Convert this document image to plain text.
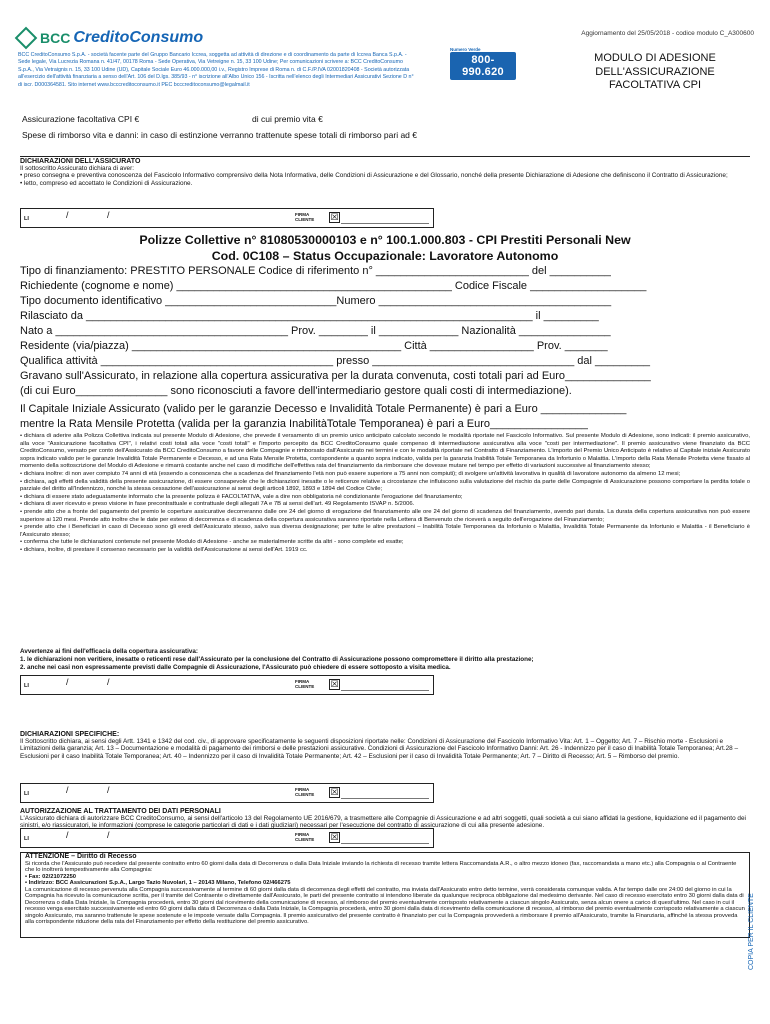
BCC CreditoConsumo
BCC CreditoConsumo S.p.A. - società facente parte del Gruppo Bancario Iccrea, soggetta ad attività di direzione e di coordinamento da parte di Iccrea Banca S.p.A. - Sede legale, Via Lucrezia Romana n. 41/47, 00178 Roma - Sede Operativa, Via Vetreigne n. 15, 33 100 Udine; Per comunicazioni scrivere a: BCC CreditoConsumo S.p.A., Via Vetraignis n. 15, 33 100 Udine (UD), Capitale Sociale Euro 46.000.000,00 i.v., Registro Imprese di Roma n. di C.F./P.IVA 02001820408 - Società autorizzata all'esercizio dell'attività finanziaria a senso dell'Art. 106 del D.lgs. 385/93 - n° iscrizione all'Albo Unico 156 - Iscritta nell'elenco degli Intermediari Assicurativi Sezione D n° di iscr. D000364581. Sito internet www.bcccreditoconsumo.it PEC bcccreditoconsumo@legalmail.it
Aggiornamento del 25/05/2018 - codice modulo C_A300600
Numero Verde
800-990.620
MODULO DI ADESIONE
DELL'ASSICURAZIONE
FACOLTATIVA CPI
Assicurazione facoltativa CPI €	di cui premio vita €
Spese di rimborso vita e danni: in caso di estinzione verranno trattenute spese totali di rimborso pari ad €
DICHIARAZIONI DELL'ASSICURATO
Il sottoscritto Assicurato dichiara di aver:
• preso consegna e preventiva conoscenza del Fascicolo Informativo comprensivo della Nota Informativa, delle Condizioni di Assicurazione e del Glossario, nonché della presente Dichiarazione di Adesione che definiscono il Contratto di Assicurazione;
• letto, compreso ed accettato le Condizioni di Assicurazione.
LI	/ /	FIRMA
CLIENTE ☒
Polizze Collettive n° 81080530000103 e n° 100.1.000.803 - CPI Prestiti Personali New
Cod. 0C108 – Status Occupazionale: Lavoratore Autonomo
Tipo di finanziamento: PRESTITO PERSONALE Codice di riferimento n° _________________________ del __________
Richiedente (cognome e nome) _____________________________________________ Codice Fiscale ___________________
Tipo documento identificativo ____________________________Numero ______________________________________
Rilasciato da _________________________________________________________________________ il _________
Nato a ______________________________________ Prov. ________ il _____________ Nazionalità _______________
Residente (via/piazza) ____________________________________________ Città _________________ Prov. _______
Qualifica attività ______________________________________ presso _________________________________ dal _________
Gravano sull'Assicurato, in relazione alla copertura assicurativa per la durata convenuta, costi totali pari ad Euro______________
(di cui Euro_______________ sono riconosciuti a favore dell'intermediario gestore quali costi di intermediazione).
Il Capitale Iniziale Assicurato (valido per le garanzie Decesso e Invalidità Totale Permanente) è pari a Euro ______________
mentre la Rata Mensile Protetta (valida per la garanzia InabilitàTotale Temporanea) è pari a Euro________________

• dichiara di aderire alla Polizza Collettiva indicata sul presente Modulo di Adesione, che prevede il versamento di un premio unico anticipato calcolato secondo le modalità riportate nel Fascicolo Informativo. Sul presente Modulo di Adesione, sono indicati: il premio assicurativo, alla voce "Assicurazione facoltativa CPI", i relativi costi totali alla voce "costi totali" e l'importo percepito da BCC CreditoConsumo quale compenso di intermediazione assicurativa alla voce "costi per intermediazione". Il premio assicurativo viene finanziato da BCC CreditoConsumo, versato per conto dell'Assicurato da BCC CreditoConsumo a favore delle Compagnie e rimborsato dall'Assicurato nei termini e con le modalità riportate nel Contratto di Finanziamento. L'importo del Premio Unico Anticipato è relativo al Capitale iniziale Assicurato sopra indicato valido per le garanzie Invalidità Totale Permanente e Decesso, e ad una Rata Mensile Protetta, corrispondente a quanto sopra indicato, valida per la garanzia Inabilità Totale Temporanea da Infortunio o Malattia. L'importo della Rata Mensile Protetta viene fissato al momento della sottoscrizione del Modulo di Adesione e rimarrà costante anche nel caso di modifiche dell'effettiva rata del finanziamento da rimborsare che dovesse mutare nel tempo per effetto di variazioni successive al finanziamento stesso;

• dichiara inoltre: di non aver compiuto 74 anni di età (essendo a conoscenza che a scadenza del finanziamento l'età non può essere superiore a 75 anni non compiuti); di svolgere un'attività lavorativa in qualità di lavoratore autonomo da almeno 12 mesi;

• dichiara, agli effetti della validità della presente assicurazione, di essere consapevole che le dichiarazioni inesatte o le reticenze relative a circostanze che influiscono sulla valutazione del rischio da parte delle Compagnie di Assicurazione possono comportare la perdita totale o parziale del diritto all'Indennizzo, nonché la stessa cessazione dell'assicurazione ai sensi degli articoli 1892, 1893 e 1894 del Codice Civile;

• dichiara di essere stato adeguatamente informato che la presente polizza è FACOLTATIVA, vale a dire non obbligatoria né condizionante l'erogazione del finanziamento;

• dichiara di aver ricevuto e preso visione in fase precontrattuale e contrattuale degli allegati 7A e 7B ai sensi dell'art. 49 Regolamento ISVAP n. 5/2006.

• prende atto che a fronte del pagamento del premio le coperture assicurative decorreranno dalle ore 24 del giorno di erogazione del finanziamento alle ore 24 del giorno di scadenza del finanziamento, avendo pari durata. La durata della copertura assicurativa non può essere superiore ai 120 mesi. Prende atto inoltre che le date per esteso di decorrenza e di scadenza della copertura assicurativa saranno riportate nella Lettera di Benvenuto che riceverà a seguito dell'erogazione del Finanziamento;

• prende atto che i Beneficiari in caso di Decesso sono gli eredi dell'Assicurato stesso, salvo sua diversa designazione; per tutte le altre prestazioni – Inabilità Totale Temporanea da Infortunio o Malattia, Invalidità Totale Permanente da Infortunio e Malattia - il Beneficiario è l'Assicurato stesso;

• conferma che tutte le dichiarazioni contenute nel presente Modulo di Adesione - anche se materialmente scritte da altri - sono complete ed esatte;

• dichiara, inoltre, di prestare il consenso necessario per la validità dell'Assicurazione ai sensi dell'Art. 1919 cc.

Avvertenze ai fini dell'efficacia della copertura assicurativa:
1. le dichiarazioni non veritiere, inesatte o reticenti rese dall'Assicurato per la conclusione del Contratto di Assicurazione possono compromettere il diritto alla prestazione;
2. anche nei casi non espressamente previsti dalle Compagnie di Assicurazione, l'Assicurato può chiedere di essere sottoposto a visita medica.
LI	/ /	FIRMA
CLIENTE ☒
DICHIARAZIONI SPECIFICHE:
Il Sottoscritto dichiara, ai sensi degli Artt. 1341 e 1342 del cod. civ., di approvare specificatamente le seguenti disposizioni riportate nelle: Condizioni di Assicurazione del Fascicolo Informativo Vita: Art. 1 – Oggetto; Art. 7 – Rischio morte - Esclusioni e Limitazioni della garanzia; Art. 13 – Documentazione e modalità di pagamento dei rimborsi e delle prestazioni assicurative. Condizioni di Assicurazione del Fascicolo Informativo Danni: Art. 26 - Indennizzo per il caso di Inabilità Totale Temporanea; Art.28 – Esclusioni per il caso Inabilità Totale Temporanea; Art. 40 – Indennizzo per il caso di Invalidità Totale Permanente; Art. 42 – Esclusioni per il caso di Invalidità Totale Permanente; Art. 7 – Diritto di Recesso; Art. 5 – Rimborso del premio.
LI	/ /	FIRMA
CLIENTE ☒
AUTORIZZAZIONE AL TRATTAMENTO DEI DATI PERSONALI
L'Assicurato dichiara di autorizzare BCC CreditoConsumo, ai sensi dell'articolo 13 del Regolamento UE 2016/679, a trasmettere alle Compagnie di Assicurazione e ad altri soggetti, quali società a cui siano affidati la gestione, liquidazione ed il pagamento dei sinistri, e/o riassicuratori, le informazioni (comprese le categorie particolari di dati e i dati giudiziari) necessari per l'esecuzione del contratto di assicurazione di cui alla presente adesione.
LI	/ /	FIRMA
CLIENTE ☒
ATTENZIONE – Diritto di Recesso
Si ricorda che l'Assicurato può recedere dal presente contratto entro 60 giorni dalla data di Decorrenza o dalla Data Iniziale inviando la richiesta di recesso tramite lettera Raccomandata A.R., o altro mezzo idoneo (fax, raccomandata a mano etc.) alla Compagnia o al Contraente che lo inoltrerà tempestivamente alla Compagnia:
• Fax: 02/21072250
• Indirizzo: BCC Assicurazioni S.p.A., Largo Tazio Nuvolari, 1 – 20143 Milano, Telefono 02/466275
La comunicazione di recesso pervenuta alla Compagnia successivamente al termine di 60 giorni dalla data di decorrenza degli effetti del contratto, ma inviata dall'Assicurato entro detto termine, verrà considerata comunque valida. A far tempo dalle ore 24:00 del giorno in cui la Compagnia ha ricevuto la comunicazione scritta, per il tramite del Contraente o direttamente dall'Assicurato, le parti del presente contratto si intendono liberate da qualunque reciproca obbligazione dal medesimo derivante. Nel caso di recesso esercitato entro 30 giorni dalla data di Decorrenza o dalla Data Iniziale, la Compagnia procederà, entro 30 giorni dal ricevimento della comunicazione di recesso, al rimborso del premio eventualmente corrisposto relativamente a ciascun singolo Assicurato, senza alcun onere a carico di quest'ultimo. Nel caso in cui il recesso venga esercitato successivamente ed entro 60 giorni dalla data di Decorrenza o dalla Data Iniziale, la Compagnia procederà, entro 30 giorni dalla data di ricevimento della comunicazione di recesso, al rimborso del premio eventualmente corrisposto relativamente a ciascun singolo Assicurato, ma saranno trattenute le spese sostenute e le imposte versate dalla Compagnia. Il premio assicurativo del presente contratto è finanziato per cui la Compagnia provvederà a rimborsare il premio all'Assicurato, tramite la Finanziaria, affinché la stessa provveda alla corrispondente riduzione della rata del Finanziamento per effetto della restituzione del premio assicurativo.	COPIA PER IL CLIENTE
